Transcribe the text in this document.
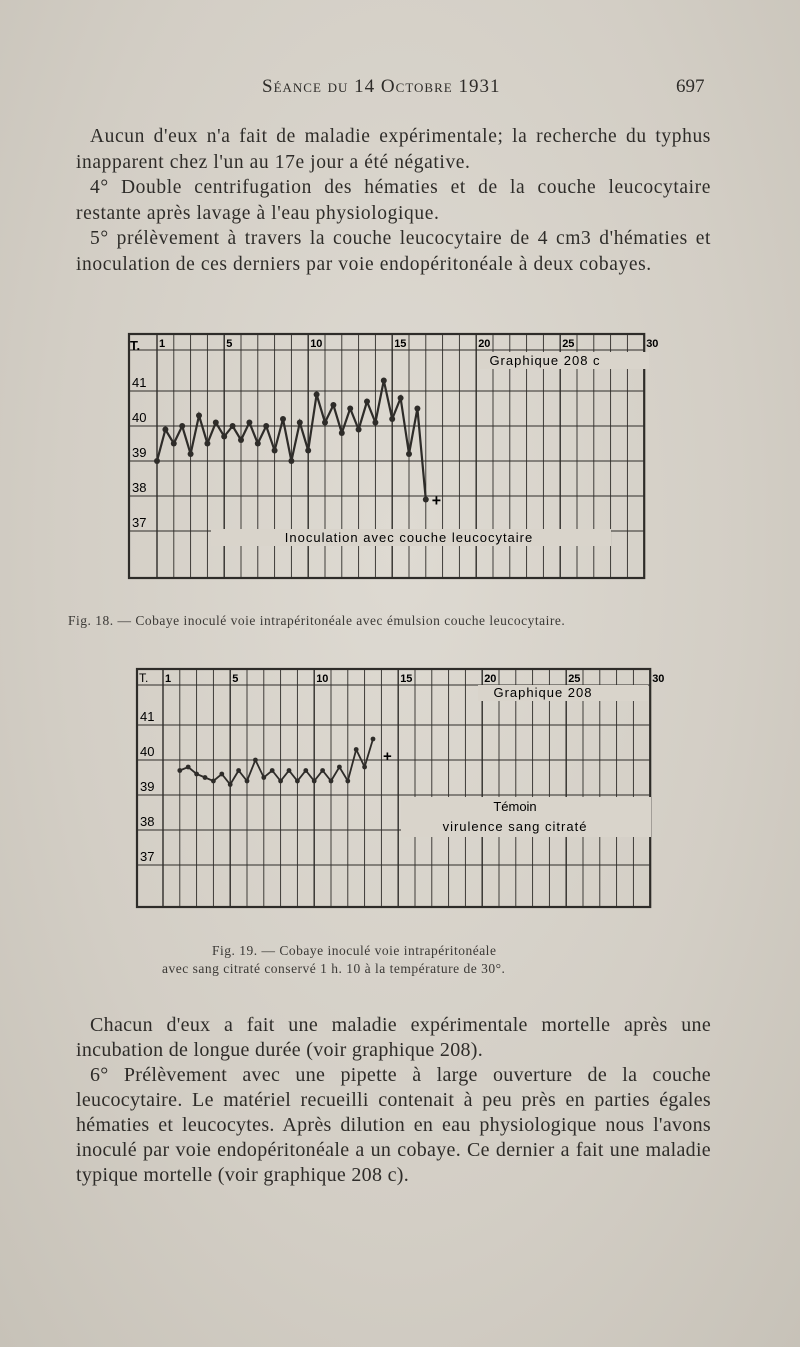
Séance du 14 Octobre 1931	697
Aucun d'eux n'a fait de maladie expérimentale; la recherche du typhus inapparent chez l'un au 17e jour a été négative.
4° Double centrifugation des hématies et de la couche leucocytaire restante après lavage à l'eau physiologique.
5° prélèvement à travers la couche leucocytaire de 4 cm3 d'hématies et inoculation de ces derniers par voie endopéritonéale à deux cobayes.
T. 1	5	10	15	20	25	30
41
40
39
38
37
Graphique 208 c
Inoculation avec couche leucocytaire
+
Fig. 18. — Cobaye inoculé voie intrapéritonéale avec émulsion couche leucocytaire.
T. 1	5	10	15	20	25	30
41
40
39
38
37
Graphique 208
Témoin
virulence sang citraté
+
Fig. 19. — Cobaye inoculé voie intrapéritonéale
avec sang citraté conservé 1 h. 10 à la température de 30°.
Chacun d'eux a fait une maladie expérimentale mortelle après une incubation de longue durée (voir graphique 208).
6° Prélèvement avec une pipette à large ouverture de la couche leucocytaire. Le matériel recueilli contenait à peu près en parties égales hématies et leucocytes. Après dilution en eau physiologique nous l'avons inoculé par voie endopéritonéale a un cobaye. Ce dernier a fait une maladie typique mortelle (voir graphique 208 c).
